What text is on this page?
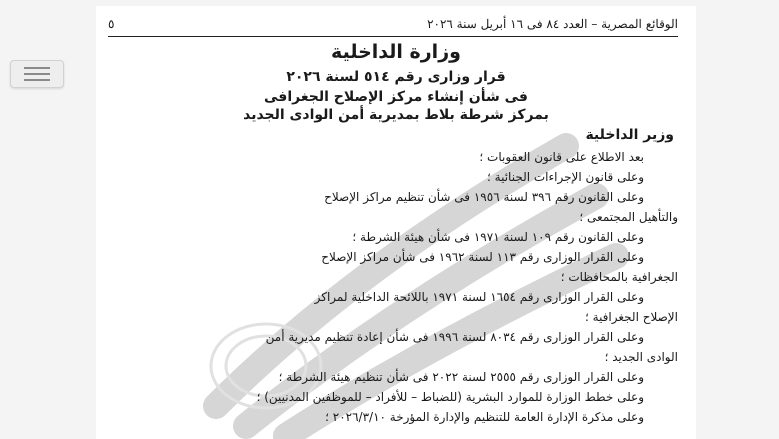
الوقائع المصرية – العدد ٨٤ فى ١٦ أبريل سنة ٢٠٢٦
٥
وزارة الداخلية
قرار وزارى رقم ٥١٤ لسنة ٢٠٢٦
فى شأن إنشاء مركز الإصلاح الجغرافى
بمركز شرطة بلاط بمديرية أمن الوادى الجديد
وزير الداخلية
بعد الاطلاع على قانون العقوبات ؛
وعلى قانون الإجراءات الجنائية ؛
وعلى القانون رقم ٣٩٦ لسنة ١٩٥٦ فى شأن تنظيم مراكز الإصلاح
والتأهيل المجتمعى ؛
وعلى القانون رقم ١٠٩ لسنة ١٩٧١ فى شأن هيئة الشرطة ؛
وعلى القرار الوزارى رقم ١١٣ لسنة ١٩٦٢ فى شأن مراكز الإصلاح
الجغرافية بالمحافظات ؛
وعلى القرار الوزارى رقم ١٦٥٤ لسنة ١٩٧١ باللائحة الداخلية لمراكز
الإصلاح الجغرافية ؛
وعلى القرار الوزارى رقم ٨٠٣٤ لسنة ١٩٩٦ فى شأن إعادة تنظيم مديرية أمن
الوادى الجديد ؛
وعلى القرار الوزارى رقم ٢٥٥٥ لسنة ٢٠٢٢ فى شأن تنظيم هيئة الشرطة ؛
وعلى خطط الوزارة للموارد البشرية (للضباط – للأفراد – للموظفين المدنيين) ؛
وعلى مذكرة الإدارة العامة للتنظيم والإدارة المؤرخة ٢٠٢٦/٣/١٠ ؛
